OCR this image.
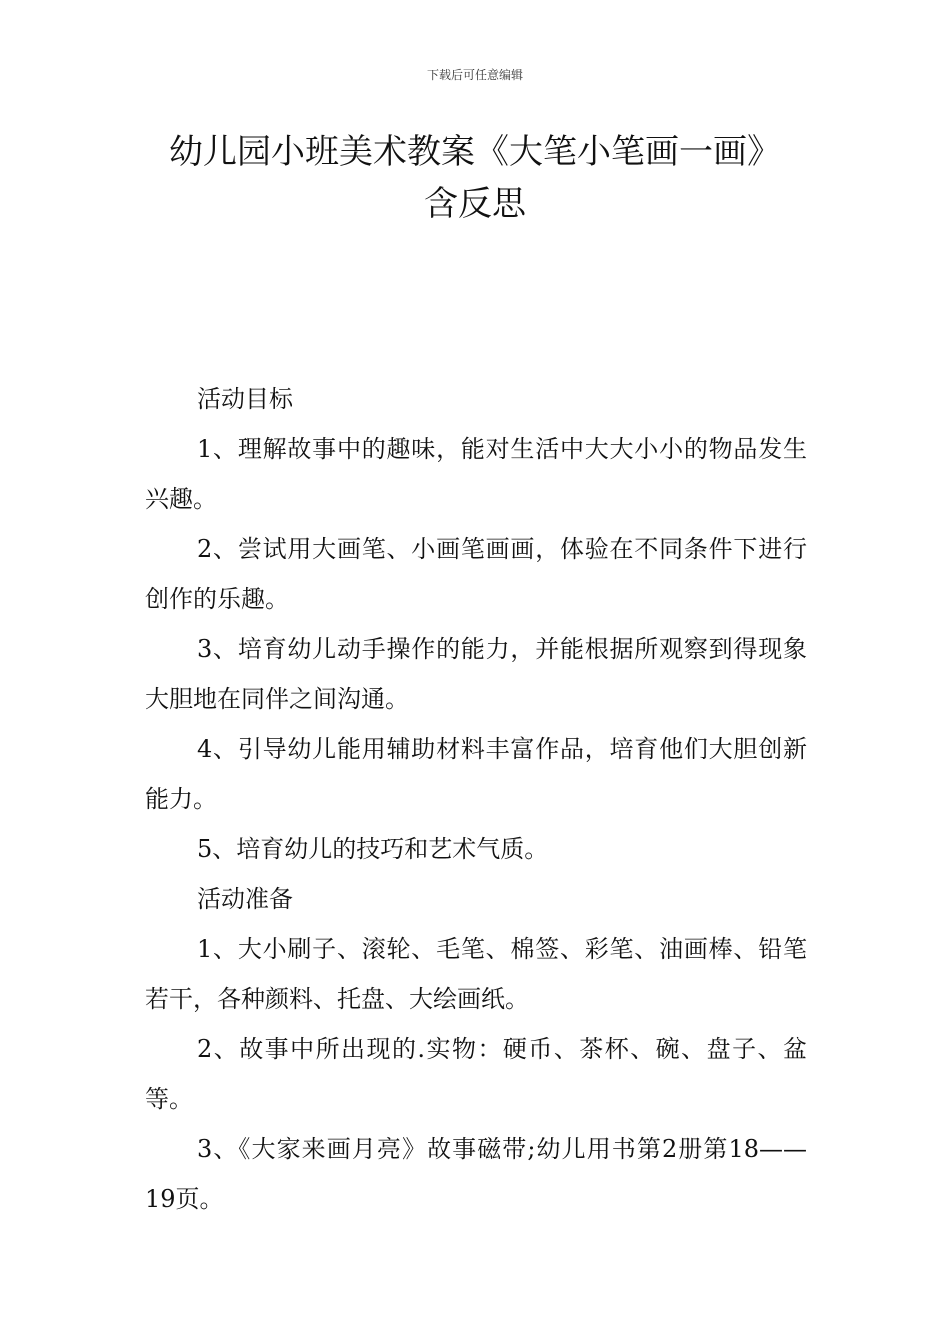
下载后可任意编辑
幼儿园小班美术教案《大笔小笔画一画》
含反思

活动目标

1、理解故事中的趣味，能对生活中大大小小的物品发生兴趣。

2、尝试用大画笔、小画笔画画，体验在不同条件下进行创作的乐趣。

3、培育幼儿动手操作的能力，并能根据所观察到得现象大胆地在同伴之间沟通。

4、引导幼儿能用辅助材料丰富作品，培育他们大胆创新能力。

5、培育幼儿的技巧和艺术气质。

活动准备

1、大小刷子、滚轮、毛笔、棉签、彩笔、油画棒、铅笔若干，各种颜料、托盘、大绘画纸。

2、故事中所出现的.实物：硬币、茶杯、碗、盘子、盆等。

3、《大家来画月亮》故事磁带;幼儿用书第2册第18——19页。
